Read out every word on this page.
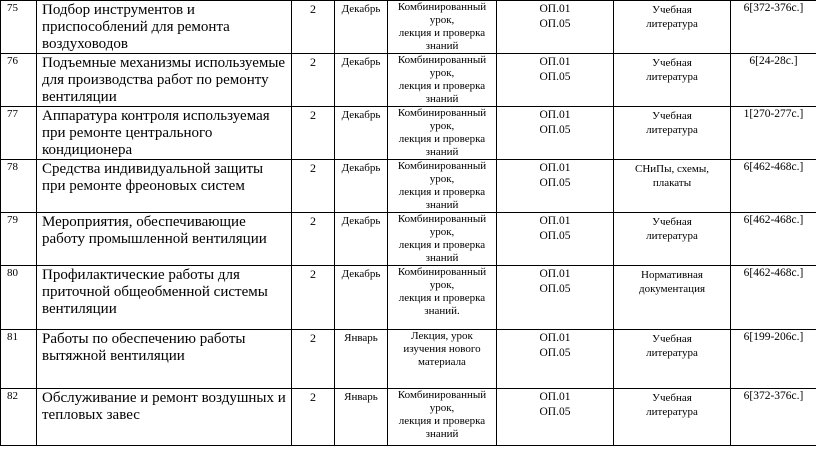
75	Подбор инструментов и приспособлений для ремонта воздуховодов	2	Декабрь	Комбинированный
урок,
лекция и проверка
знаний	ОП.01
ОП.05	Учебная
литература	6[372-376с.]	
76	Подъемные механизмы используемые для производства работ по ремонту вентиляции	2	Декабрь	Комбинированный
урок,
лекция и проверка
знаний	ОП.01
ОП.05	Учебная
литература	6[24-28с.]	
77	Аппаратура контроля используемая при ремонте центрального кондиционера	2	Декабрь	Комбинированный
урок,
лекция и проверка
знаний	ОП.01
ОП.05	Учебная
литература	1[270-277с.]	
78	Средства индивидуальной защиты при ремонте фреоновых систем	2	Декабрь	Комбинированный
урок,
лекция и проверка
знаний	ОП.01
ОП.05	СНиПы, схемы,
плакаты	6[462-468с.]	
79	Мероприятия, обеспечивающие работу промышленной вентиляции	2	Декабрь	Комбинированный
урок,
лекция и проверка
знаний	ОП.01
ОП.05	Учебная
литература	6[462-468с.]	
80	Профилактические работы для приточной общеобменной системы вентиляции	2	Декабрь	Комбинированный
урок,
лекция и проверка
знаний.	ОП.01
ОП.05	Нормативная
документация	6[462-468с.]	
81	Работы по обеспечению работы вытяжной вентиляции	2	Январь	Лекция, урок
изучения нового
материала	ОП.01
ОП.05	Учебная
литература	6[199-206с.]	
82	Обслуживание и ремонт воздушных и тепловых завес	2	Январь	Комбинированный
урок,
лекция и проверка
знаний	ОП.01
ОП.05	Учебная
литература	6[372-376с.]	
